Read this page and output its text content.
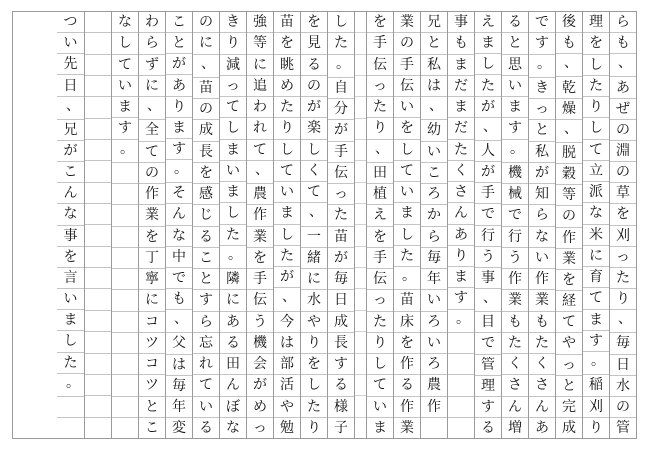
ら
も
、
あ
ぜ
の
淵
の
草
を
刈
っ
た
り
、
毎
日
水
の
管
理
を
し
た
り
し
て
立
派
な
米
に
育
て
ま
す
。
稲
刈
り
後
も
、
乾
燥
、
脱
穀
等
の
作
業
を
経
て
や
っ
と
完
成
で
す
。
き
っ
と
私
が
知
ら
な
い
作
業
も
た
く
さ
ん
あ
る
と
思
い
ま
す
。
機
械
で
行
う
作
業
も
た
く
さ
ん
増
え
ま
し
た
が
、
人
が
手
で
行
う
事
、
目
で
管
理
す
る
事
も
ま
だ
ま
だ
た
く
さ
ん
あ
り
ま
す
。
兄
と
私
は
、
幼
い
こ
ろ
か
ら
毎
年
い
ろ
い
ろ
農
作
業
の
手
伝
い
を
し
て
い
ま
し
た
。
苗
床
を
作
る
作
業
を
手
伝
っ
た
り
、
田
植
え
を
手
伝
っ
た
り
し
て
い
ま
し
た
。
自
分
が
手
伝
っ
た
苗
が
毎
日
成
長
す
る
様
子
を
見
る
の
が
楽
し
く
て
、
一
緒
に
水
や
り
を
し
た
り
苗
を
眺
め
た
り
し
て
い
ま
し
た
が
、
今
は
部
活
や
勉
強
等
に
追
わ
れ
て
、
農
作
業
を
手
伝
う
機
会
が
め
っ
き
り
減
っ
て
し
ま
い
ま
し
た
。
隣
に
あ
る
田
ん
ぼ
な
の
に
、
苗
の
成
長
を
感
じ
る
こ
と
す
ら
忘
れ
て
い
る
こ
と
が
あ
り
ま
す
。
そ
ん
な
中
で
も
、
父
は
毎
年
変
わ
ら
ず
に
、
全
て
の
作
業
を
丁
寧
に
コ
ツ
コ
ツ
と
こ
な
し
て
い
ま
す
。
つ
い
先
日
、
兄
が
こ
ん
な
事
を
言
い
ま
し
た
。
